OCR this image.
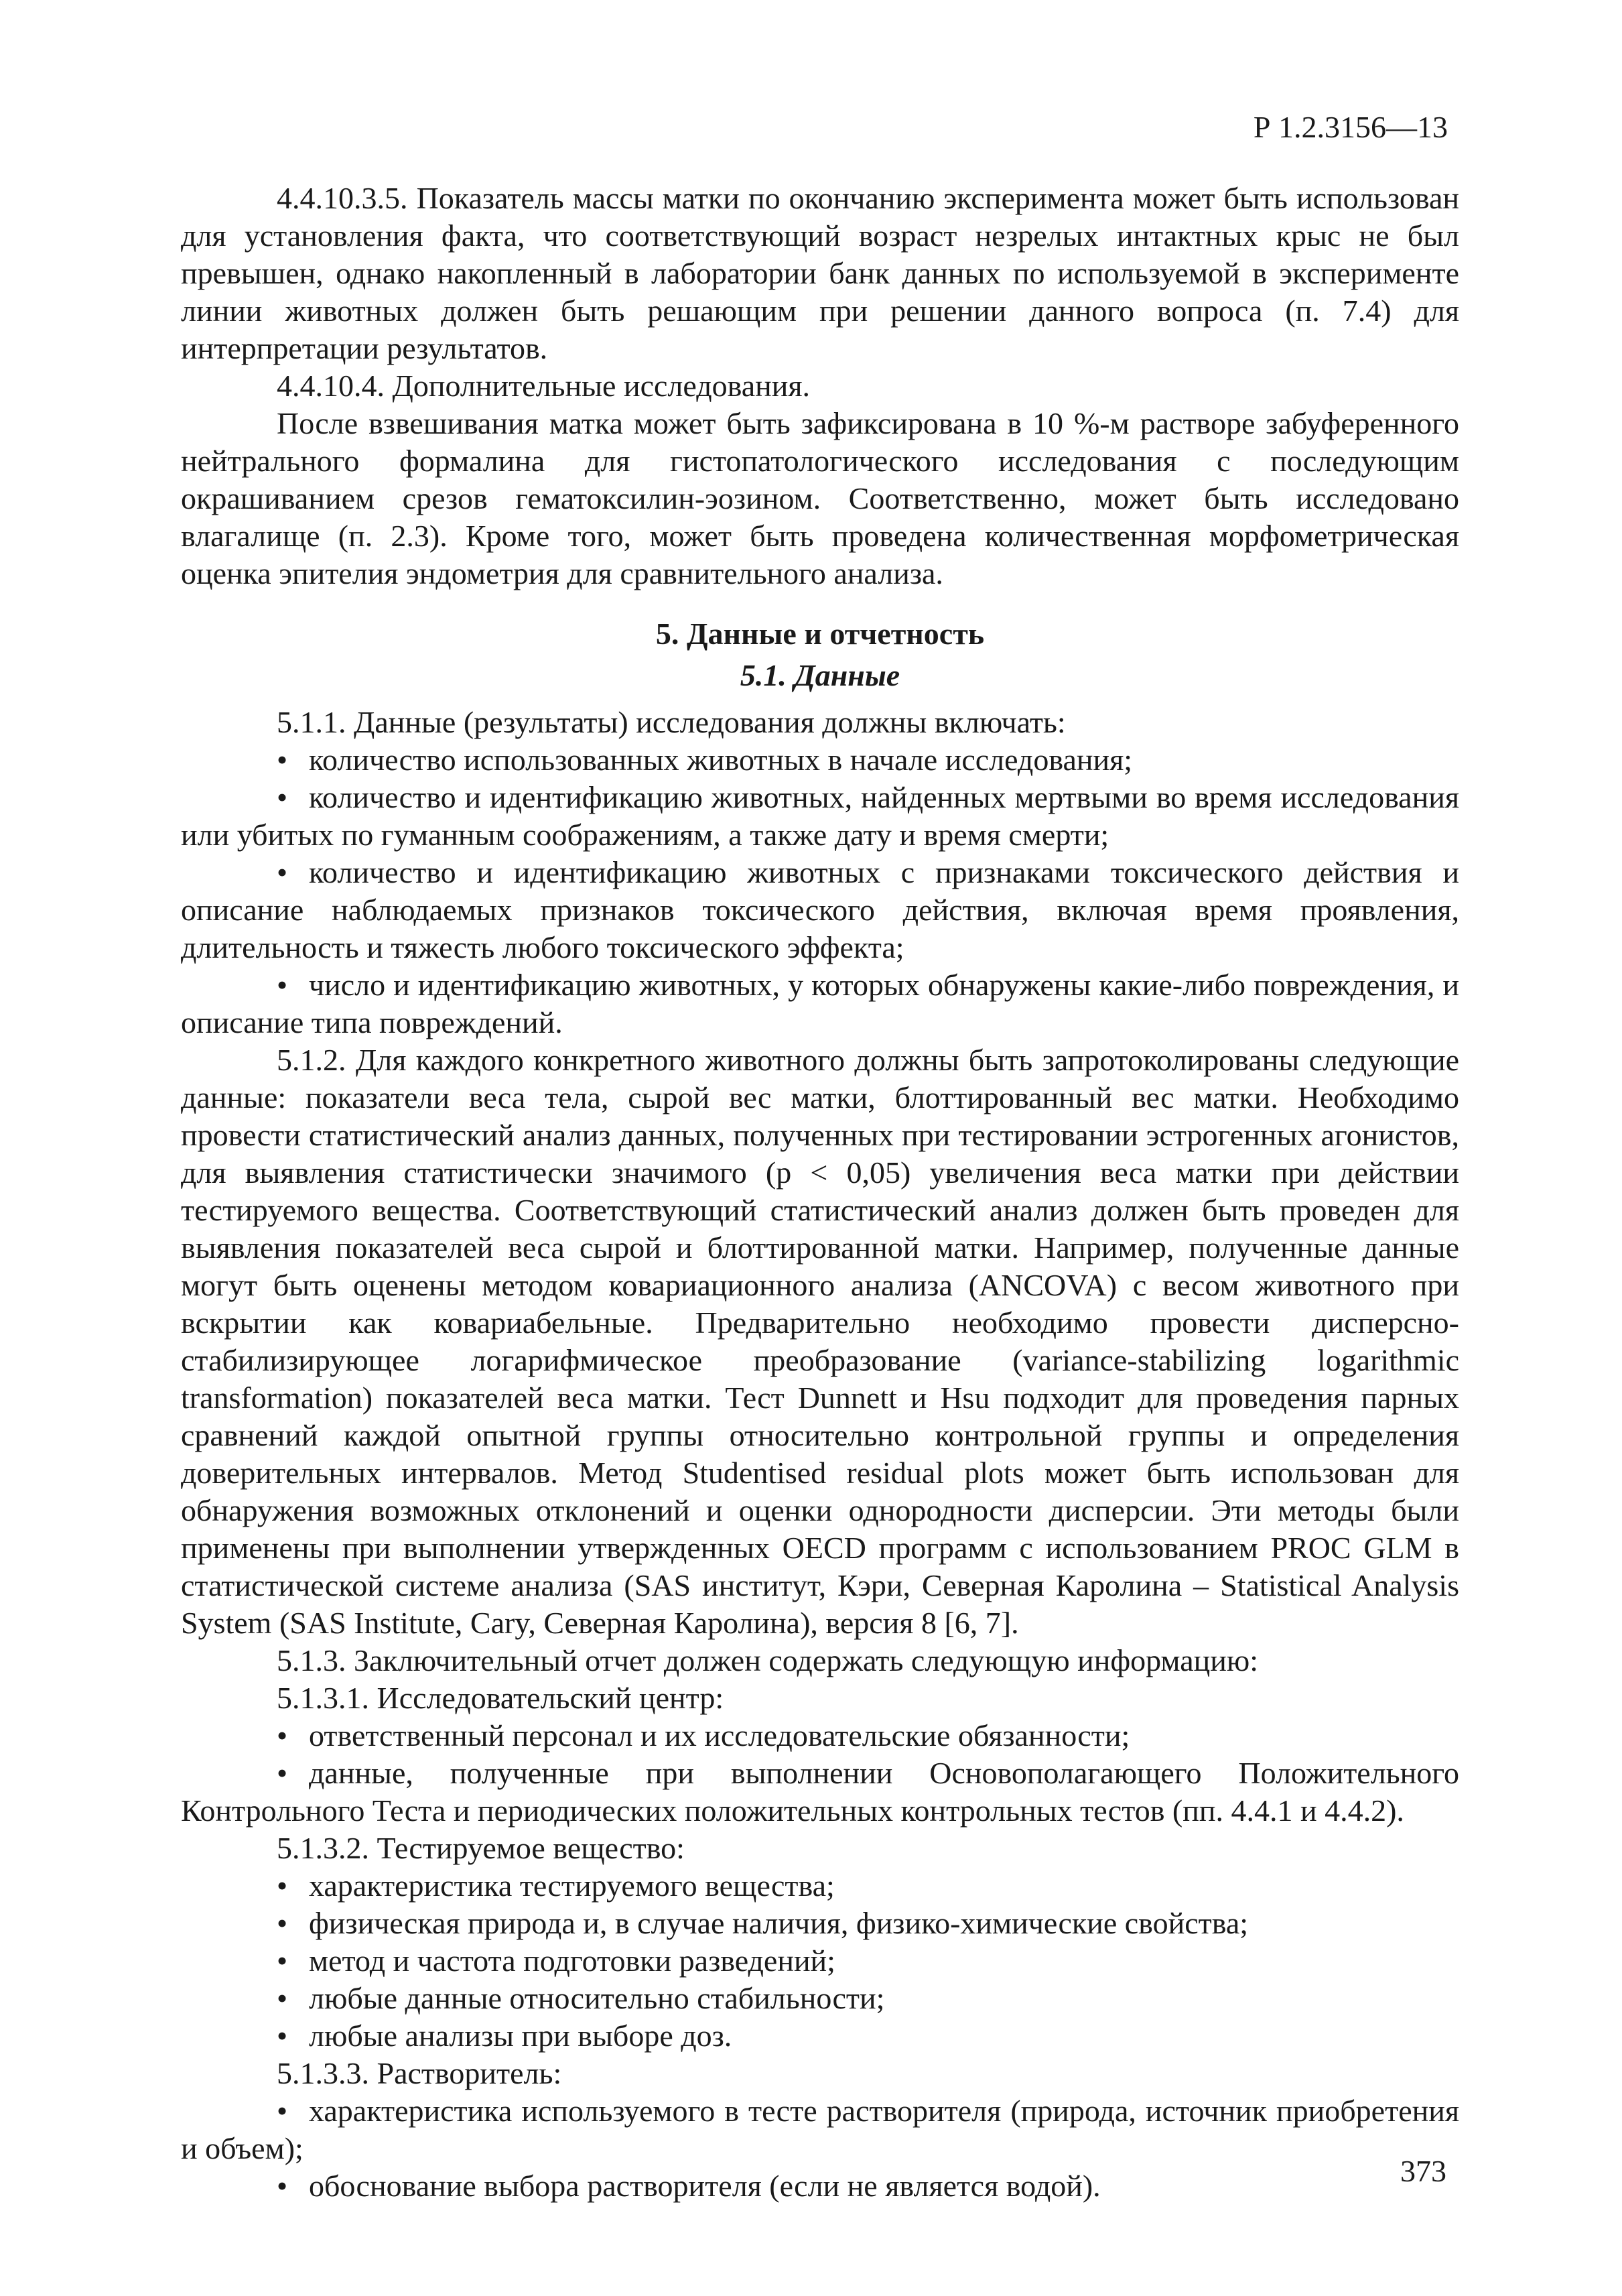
Р 1.2.3156—13

4.4.10.3.5. Показатель массы матки по окончанию эксперимента может быть использован для установления факта, что соответствующий возраст незрелых интактных крыс не был превышен, однако накопленный в лаборатории банк данных по используемой в эксперименте линии животных должен быть решающим при решении данного вопроса (п. 7.4) для интерпретации результатов.

4.4.10.4. Дополнительные исследования.

После взвешивания матка может быть зафиксирована в 10 %-м растворе забуференного нейтрального формалина для гистопатологического исследования с последующим окрашиванием срезов гематоксилин-эозином. Соответственно, может быть исследовано влагалище (п. 2.3). Кроме того, может быть проведена количественная морфометрическая оценка эпителия эндометрия для сравнительного анализа.

5. Данные и отчетность

5.1. Данные

5.1.1. Данные (результаты) исследования должны включать:

• количество использованных животных в начале исследования;

• количество и идентификацию животных, найденных мертвыми во время исследования или убитых по гуманным соображениям, а также дату и время смерти;

• количество и идентификацию животных с признаками токсического действия и описание наблюдаемых признаков токсического действия, включая время проявления, длительность и тяжесть любого токсического эффекта;

• число и идентификацию животных, у которых обнаружены какие-либо повреждения, и описание типа повреждений.

5.1.2. Для каждого конкретного животного должны быть запротоколированы следующие данные: показатели веса тела, сырой вес матки, блоттированный вес матки. Необходимо провести статистический анализ данных, полученных при тестировании эстрогенных агонистов, для выявления статистически значимого (p < 0,05) увеличения веса матки при действии тестируемого вещества. Соответствующий статистический анализ должен быть проведен для выявления показателей веса сырой и блоттированной матки. Например, полученные данные могут быть оценены методом ковариационного анализа (ANCOVA) с весом животного при вскрытии как ковариабельные. Предварительно необходимо провести дисперсно-стабилизирующее логарифмическое преобразование (variance-stabilizing logarithmic transformation) показателей веса матки. Тест Dunnett и Hsu подходит для проведения парных сравнений каждой опытной группы относительно контрольной группы и определения доверительных интервалов. Метод Studentised residual plots может быть использован для обнаружения возможных отклонений и оценки однородности дисперсии. Эти методы были применены при выполнении утвержденных OECD программ с использованием PROC GLM в статистической системе анализа (SAS институт, Кэри, Северная Каролина – Statistical Analysis System (SAS Institute, Cary, Северная Каролина), версия 8 [6, 7].

5.1.3. Заключительный отчет должен содержать следующую информацию:

5.1.3.1. Исследовательский центр:

• ответственный персонал и их исследовательские обязанности;

• данные, полученные при выполнении Основополагающего Положительного Контрольного Теста и периодических положительных контрольных тестов (пп. 4.4.1 и 4.4.2).

5.1.3.2. Тестируемое вещество:

• характеристика тестируемого вещества;

• физическая природа и, в случае наличия, физико-химические свойства;

• метод и частота подготовки разведений;

• любые данные относительно стабильности;

• любые анализы при выборе доз.

5.1.3.3. Растворитель:

• характеристика используемого в тесте растворителя (природа, источник приобретения и объем);

• обоснование выбора растворителя (если не является водой).	373
